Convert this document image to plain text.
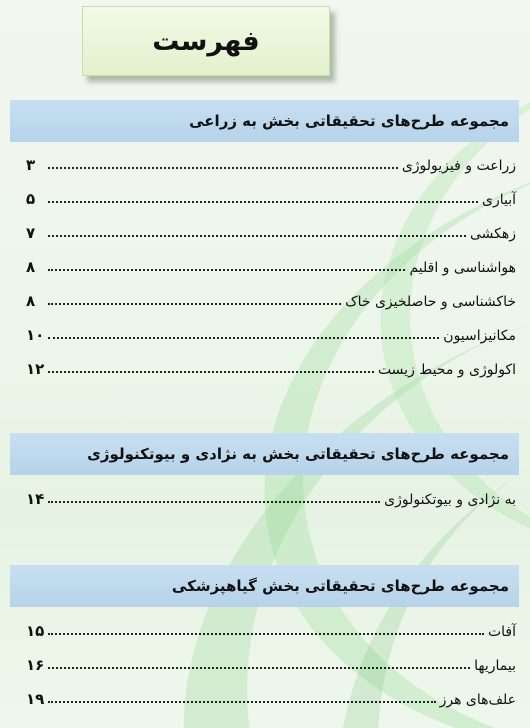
فهرست
مجموعه طرح‌های تحقیقاتی بخش به زراعی
زراعت و فیزیولوژی
۳
آبیاری
۵
زهکشی
۷
هواشناسی و اقلیم
۸
خاکشناسی و حاصلخیزی خاک
۸
مکانیزاسیون
۱۰
اکولوژی و محیط زیست
۱۲
مجموعه طرح‌های تحقیقاتی بخش به نژادی و بیوتکنولوژی
به نژادی و بیوتکنولوژی
۱۴
مجموعه طرح‌های تحقیقاتی بخش گیاهپزشکی
آفات
۱۵
بیماریها
۱۶
علف‌های هرز
۱۹
